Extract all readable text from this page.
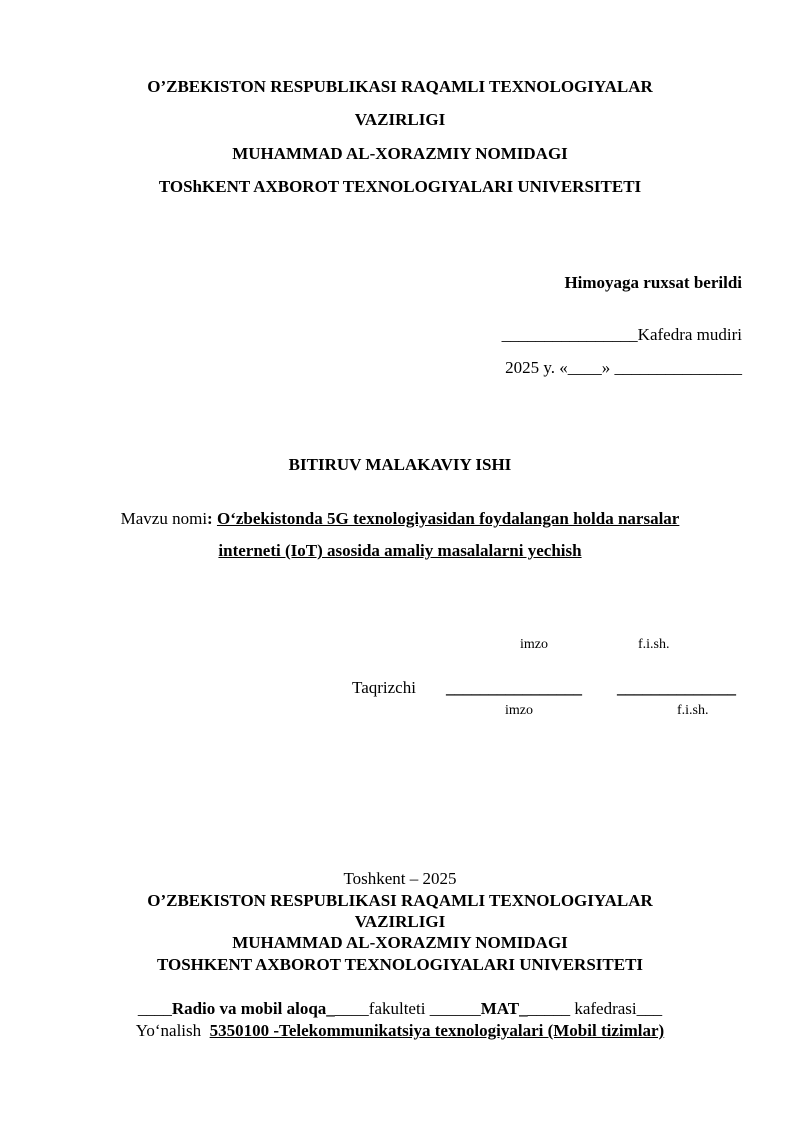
O’ZBEKISTON RESPUBLIKASI RAQAMLI TEXNOLOGIYALAR
VAZIRLIGI
MUHAMMAD AL-XORAZMIY NOMIDAGI
TOShKENT AXBOROT TEXNOLOGIYALARI UNIVERSITETI
Himoyaga ruxsat berildi
________________Kafedra mudiri
2025 y. «____» _______________
BITIRUV MALAKAVIY ISHI
Mavzu nomi: O‘zbekistonda 5G texnologiyasidan foydalangan holda narsalar
interneti (IoT) asosida amaliy masalalarni yechish
imzo	f.i.sh.
Taqrizchi ________________ ______________
imzo	f.i.sh.
Toshkent – 2025
O’ZBEKISTON RESPUBLIKASI RAQAMLI TEXNOLOGIYALAR
VAZIRLIGI
MUHAMMAD AL-XORAZMIY NOMIDAGI
TOSHKENT AXBOROT TEXNOLOGIYALARI UNIVERSITETI
____Radio va mobil aloqa_____fakulteti ______MAT______ kafedrasi___
Yo‘nalish 5350100 -Telekommunikatsiya texnologiyalari (Mobil tizimlar)
